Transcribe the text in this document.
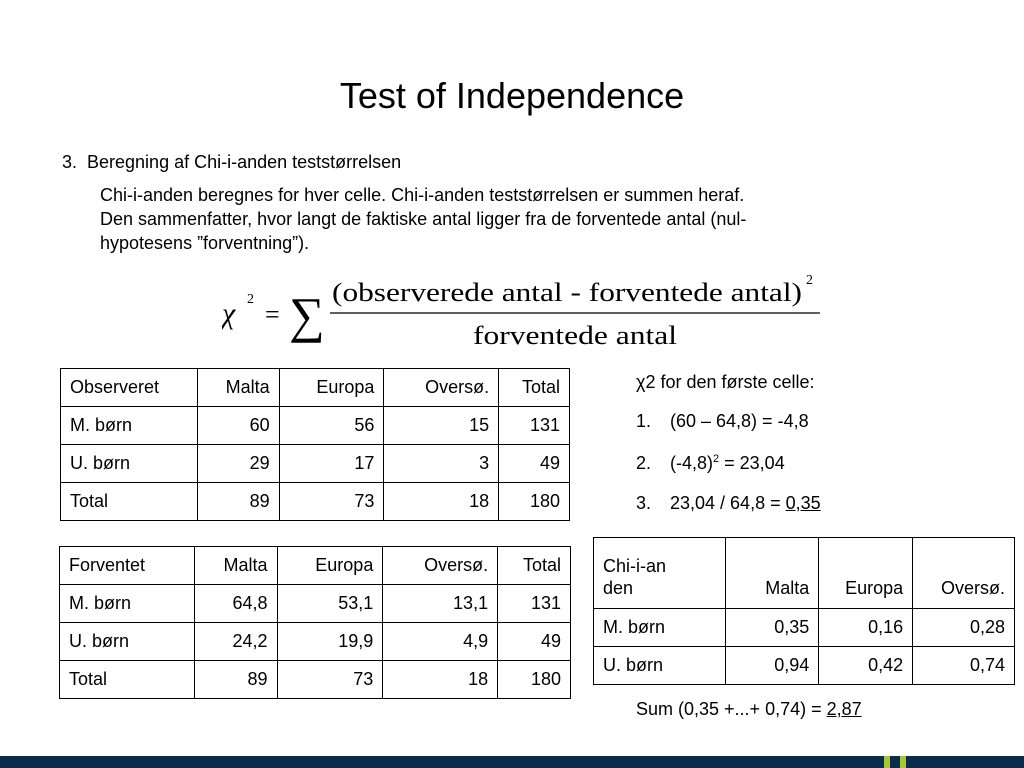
Test of Independence
3. Beregning af Chi-i-anden teststørrelsen
Chi-i-anden beregnes for hver celle. Chi-i-anden teststørrelsen er summen heraf.
Den sammenfatter, hvor langt de faktiske antal ligger fra de forventede antal (nul-
hypotesens ”forventning”).
χ 2
= ∑ (observerede antal - forventede antal) 2
forventede antal
Observeret	Malta	Europa	Oversø.	Total
M. børn	60	56	15	131
U. børn	29	17	3	49
Total	89	73	18	180
Forventet	Malta	Europa	Oversø.	Total
M. børn	64,8	53,1	13,1	131
U. børn	24,2	19,9	4,9	49
Total	89	73	18	180
χ2 for den første celle:
1. (60 – 64,8) = -4,8
2. $(-4,8)^2 = 23,04$
3. 23,04 / 64,8 = 0,35
Chi-i-anden	Malta	Europa	Oversø.
M. børn	0,35	0,16	0,28
U. børn	0,94	0,42	0,74
Sum (0,35 +...+ 0,74) = 2,87
